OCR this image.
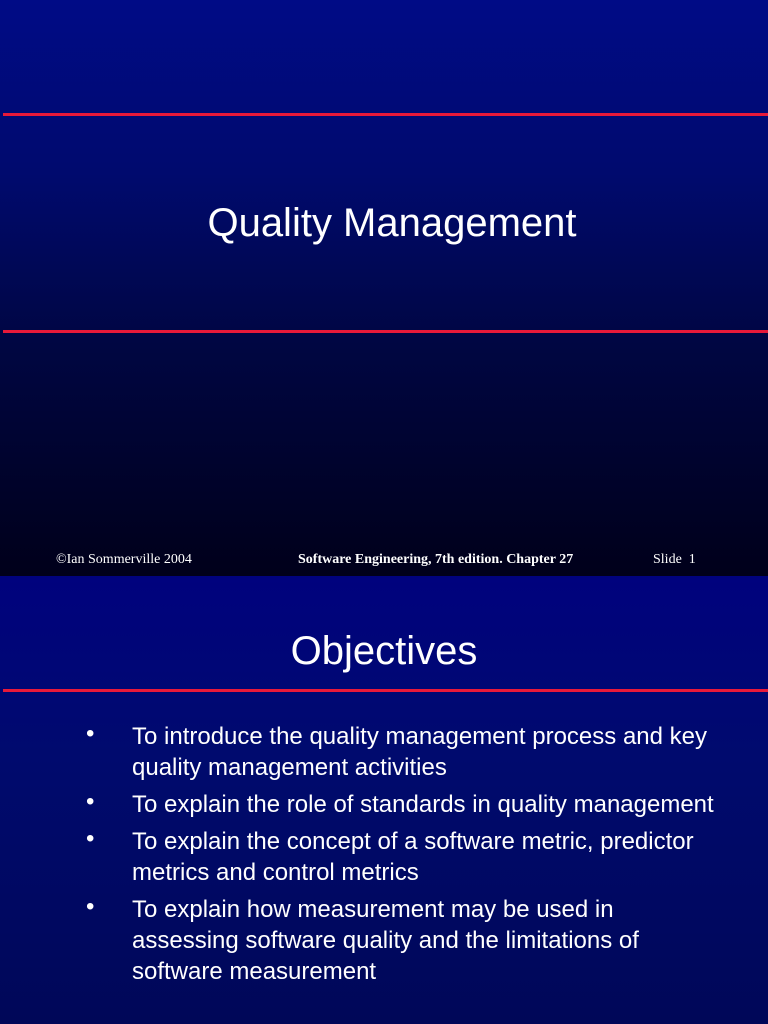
Quality Management
©Ian Sommerville 2004	Software Engineering, 7th edition. Chapter 27	Slide  1
Objectives
• To introduce the quality management process and key quality management activities
• To explain the role of standards in quality management
• To explain the concept of a software metric, predictor metrics and control metrics
• To explain how measurement may be used in assessing software quality and the limitations of software measurement
